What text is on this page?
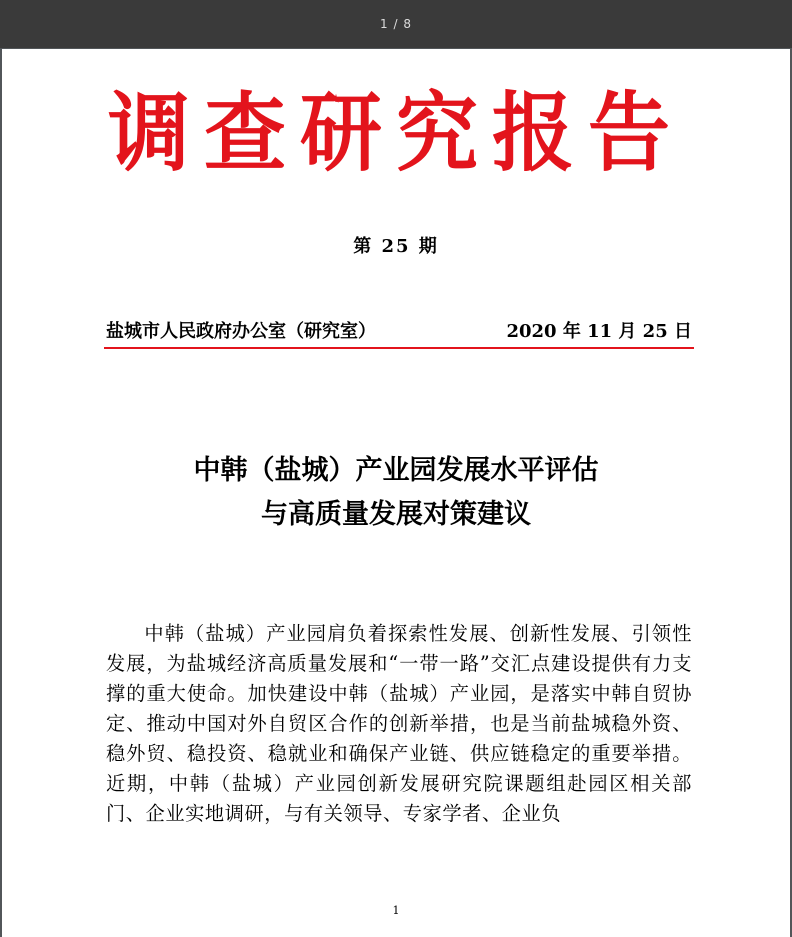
1 / 8
调查研究报告
第 25 期
盐城市人民政府办公室（研究室）	2020 年 11 月 25 日
中韩（盐城）产业园发展水平评估
与高质量发展对策建议

中韩（盐城）产业园肩负着探索性发展、创新性发展、引领性发展，为盐城经济高质量发展和“一带一路”交汇点建设提供有力支撑的重大使命。加快建设中韩（盐城）产业园，是落实中韩自贸协定、推动中国对外自贸区合作的创新举措，也是当前盐城稳外资、稳外贸、稳投资、稳就业和确保产业链、供应链稳定的重要举措。近期，中韩（盐城）产业园创新发展研究院课题组赴园区相关部门、企业实地调研，与有关领导、专家学者、企业负

1
